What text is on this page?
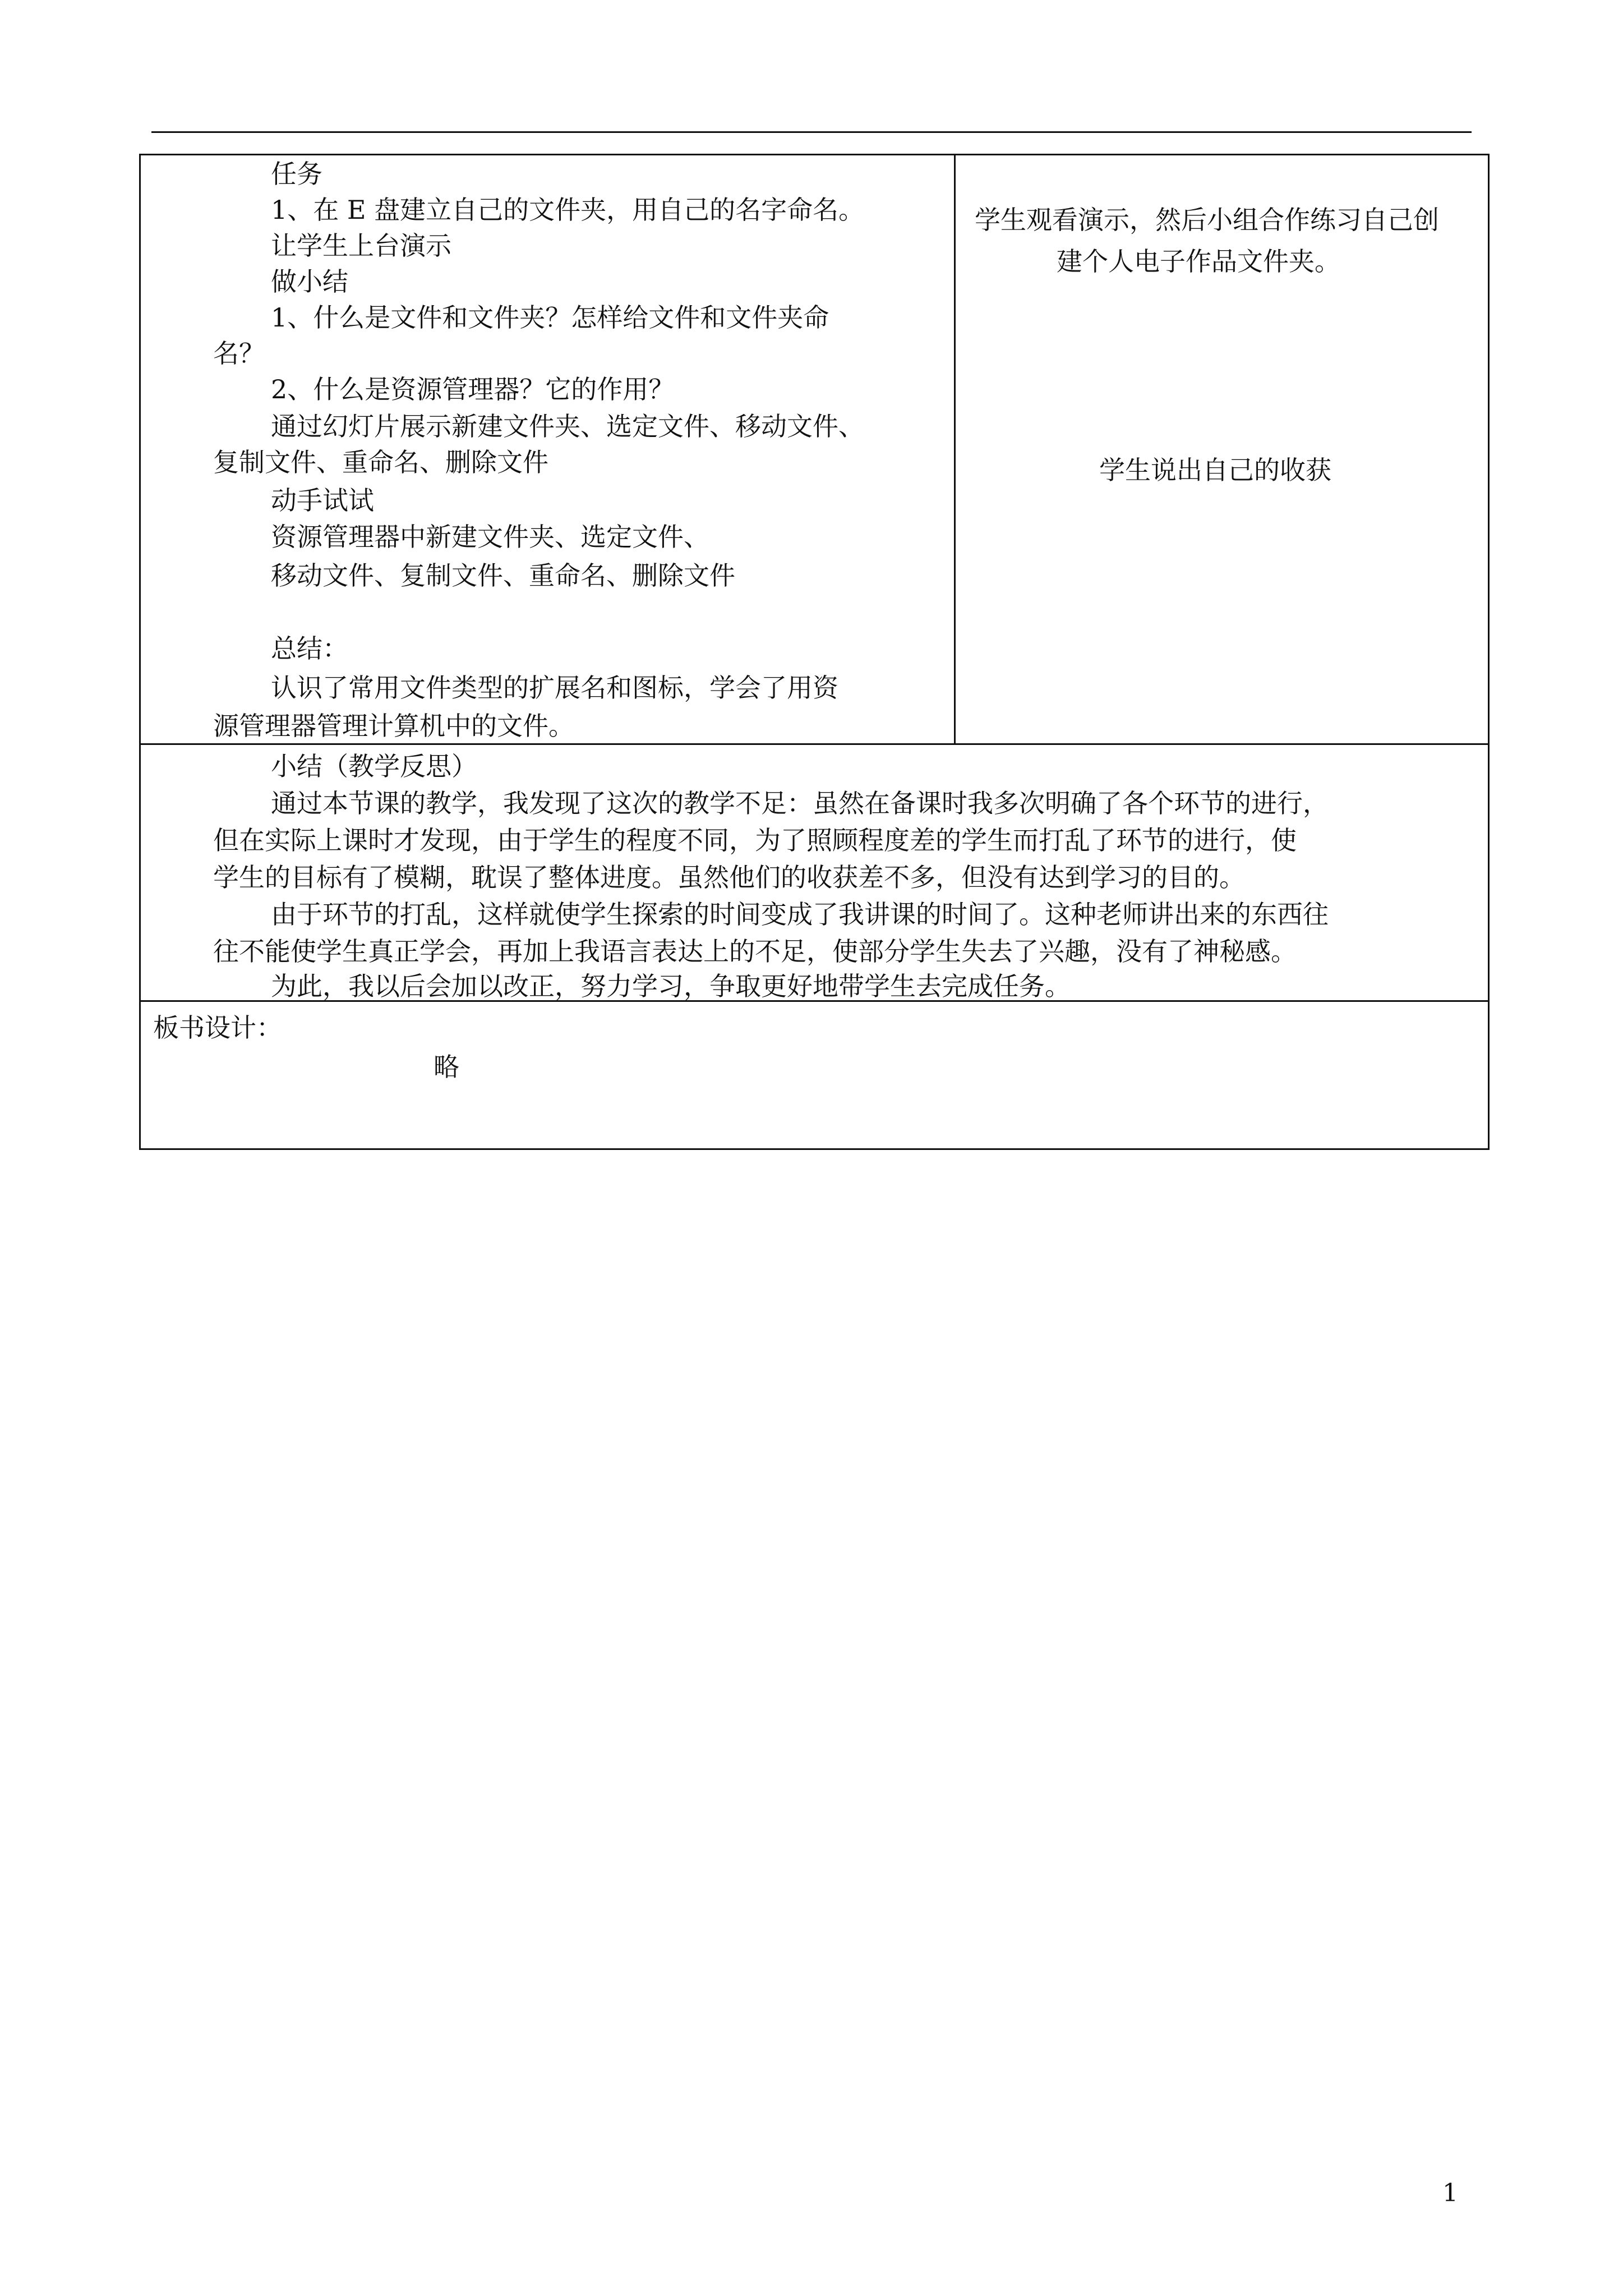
任务
1、在 E 盘建立自己的文件夹，用自己的名字命名。
让学生上台演示
做小结
1、什么是文件和文件夹？怎样给文件和文件夹命
名？
2、什么是资源管理器？它的作用？
通过幻灯片展示新建文件夹、选定文件、移动文件、
复制文件、重命名、删除文件
动手试试
资源管理器中新建文件夹、选定文件、
移动文件、复制文件、重命名、删除文件
总结：
认识了常用文件类型的扩展名和图标，学会了用资
源管理器管理计算机中的文件。
学生观看演示，然后小组合作练习自己创
建个人电子作品文件夹。
学生说出自己的收获
小结（教学反思）
通过本节课的教学，我发现了这次的教学不足：虽然在备课时我多次明确了各个环节的进行，
但在实际上课时才发现，由于学生的程度不同，为了照顾程度差的学生而打乱了环节的进行，使
学生的目标有了模糊，耽误了整体进度。虽然他们的收获差不多，但没有达到学习的目的。
由于环节的打乱，这样就使学生探索的时间变成了我讲课的时间了。这种老师讲出来的东西往
往不能使学生真正学会，再加上我语言表达上的不足，使部分学生失去了兴趣，没有了神秘感。
为此，我以后会加以改正，努力学习，争取更好地带学生去完成任务。
板书设计：
略
1
